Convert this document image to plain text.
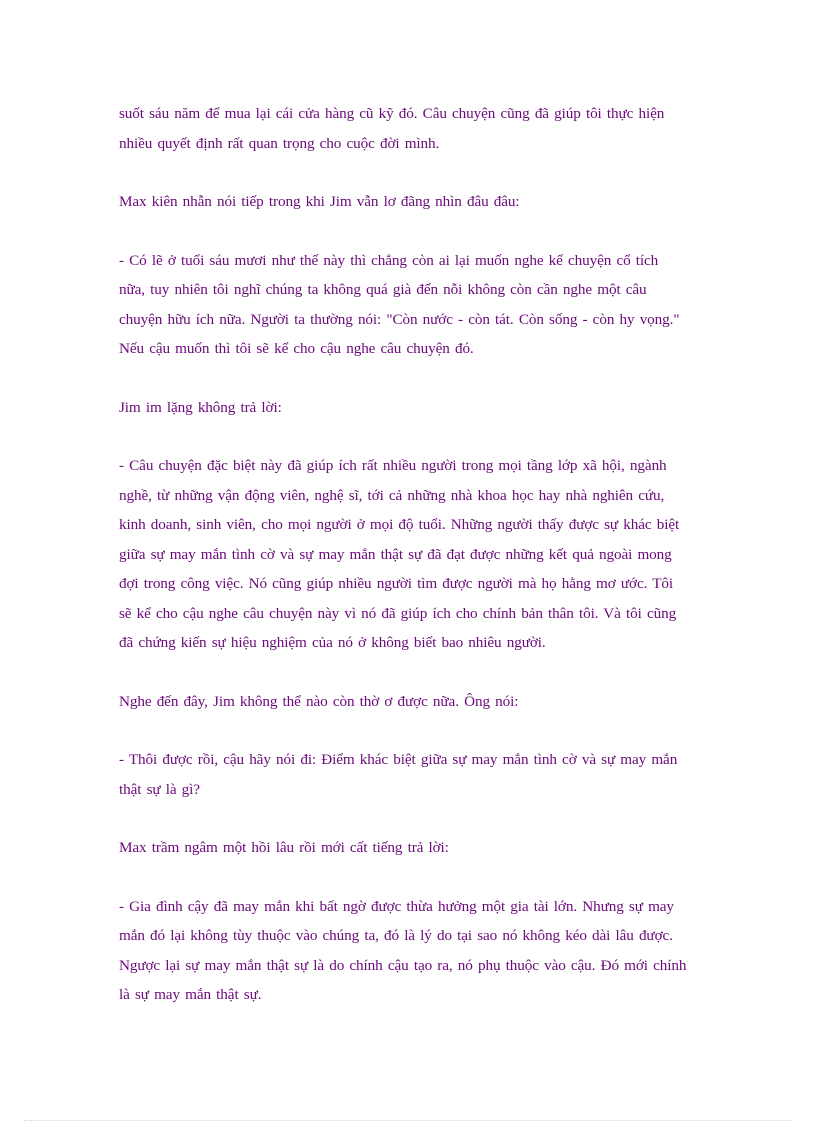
suốt sáu năm để mua lại cái cửa hàng cũ kỹ đó. Câu chuyện cũng đã giúp tôi thực hiện
nhiều quyết định rất quan trọng cho cuộc đời mình.

Max kiên nhẫn nói tiếp trong khi Jim vẫn lơ đãng nhìn đâu đâu:

- Có lẽ ở tuổi sáu mươi như thế này thì chẳng còn ai lại muốn nghe kể chuyện cổ tích
nữa, tuy nhiên tôi nghĩ chúng ta không quá già đến nỗi không còn cần nghe một câu
chuyện hữu ích nữa. Người ta thường nói: "Còn nước - còn tát. Còn sống - còn hy vọng."
Nếu cậu muốn thì tôi sẽ kể cho cậu nghe câu chuyện đó.

Jim im lặng không trả lời:

- Câu chuyện đặc biệt này đã giúp ích rất nhiều người trong mọi tầng lớp xã hội, ngành
nghề, từ những vận động viên, nghệ sĩ, tới cả những nhà khoa học hay nhà nghiên cứu,
kinh doanh, sinh viên, cho mọi người ở mọi độ tuổi. Những người thấy được sự khác biệt
giữa sự may mắn tình cờ và sự may mắn thật sự đã đạt được những kết quả ngoài mong
đợi trong công việc. Nó cũng giúp nhiều người tìm được người mà họ hằng mơ ước. Tôi
sẽ kể cho cậu nghe câu chuyện này vì nó đã giúp ích cho chính bản thân tôi. Và tôi cũng
đã chứng kiến sự hiệu nghiệm của nó ở không biết bao nhiêu người.

Nghe đến đây, Jim không thể nào còn thờ ơ được nữa. Ông nói:

- Thôi được rồi, cậu hãy nói đi: Điểm khác biệt giữa sự may mắn tình cờ và sự may mắn
thật sự là gì?

Max trầm ngâm một hồi lâu rồi mới cất tiếng trả lời:

- Gia đình cậy đã may mắn khi bất ngờ được thừa hưởng một gia tài lớn. Nhưng sự may
mắn đó lại không tùy thuộc vào chúng ta, đó là lý do tại sao nó không kéo dài lâu được.
Ngược lại sự may mắn thật sự là do chính cậu tạo ra, nó phụ thuộc vào cậu. Đó mới chính
là sự may mắn thật sự.
